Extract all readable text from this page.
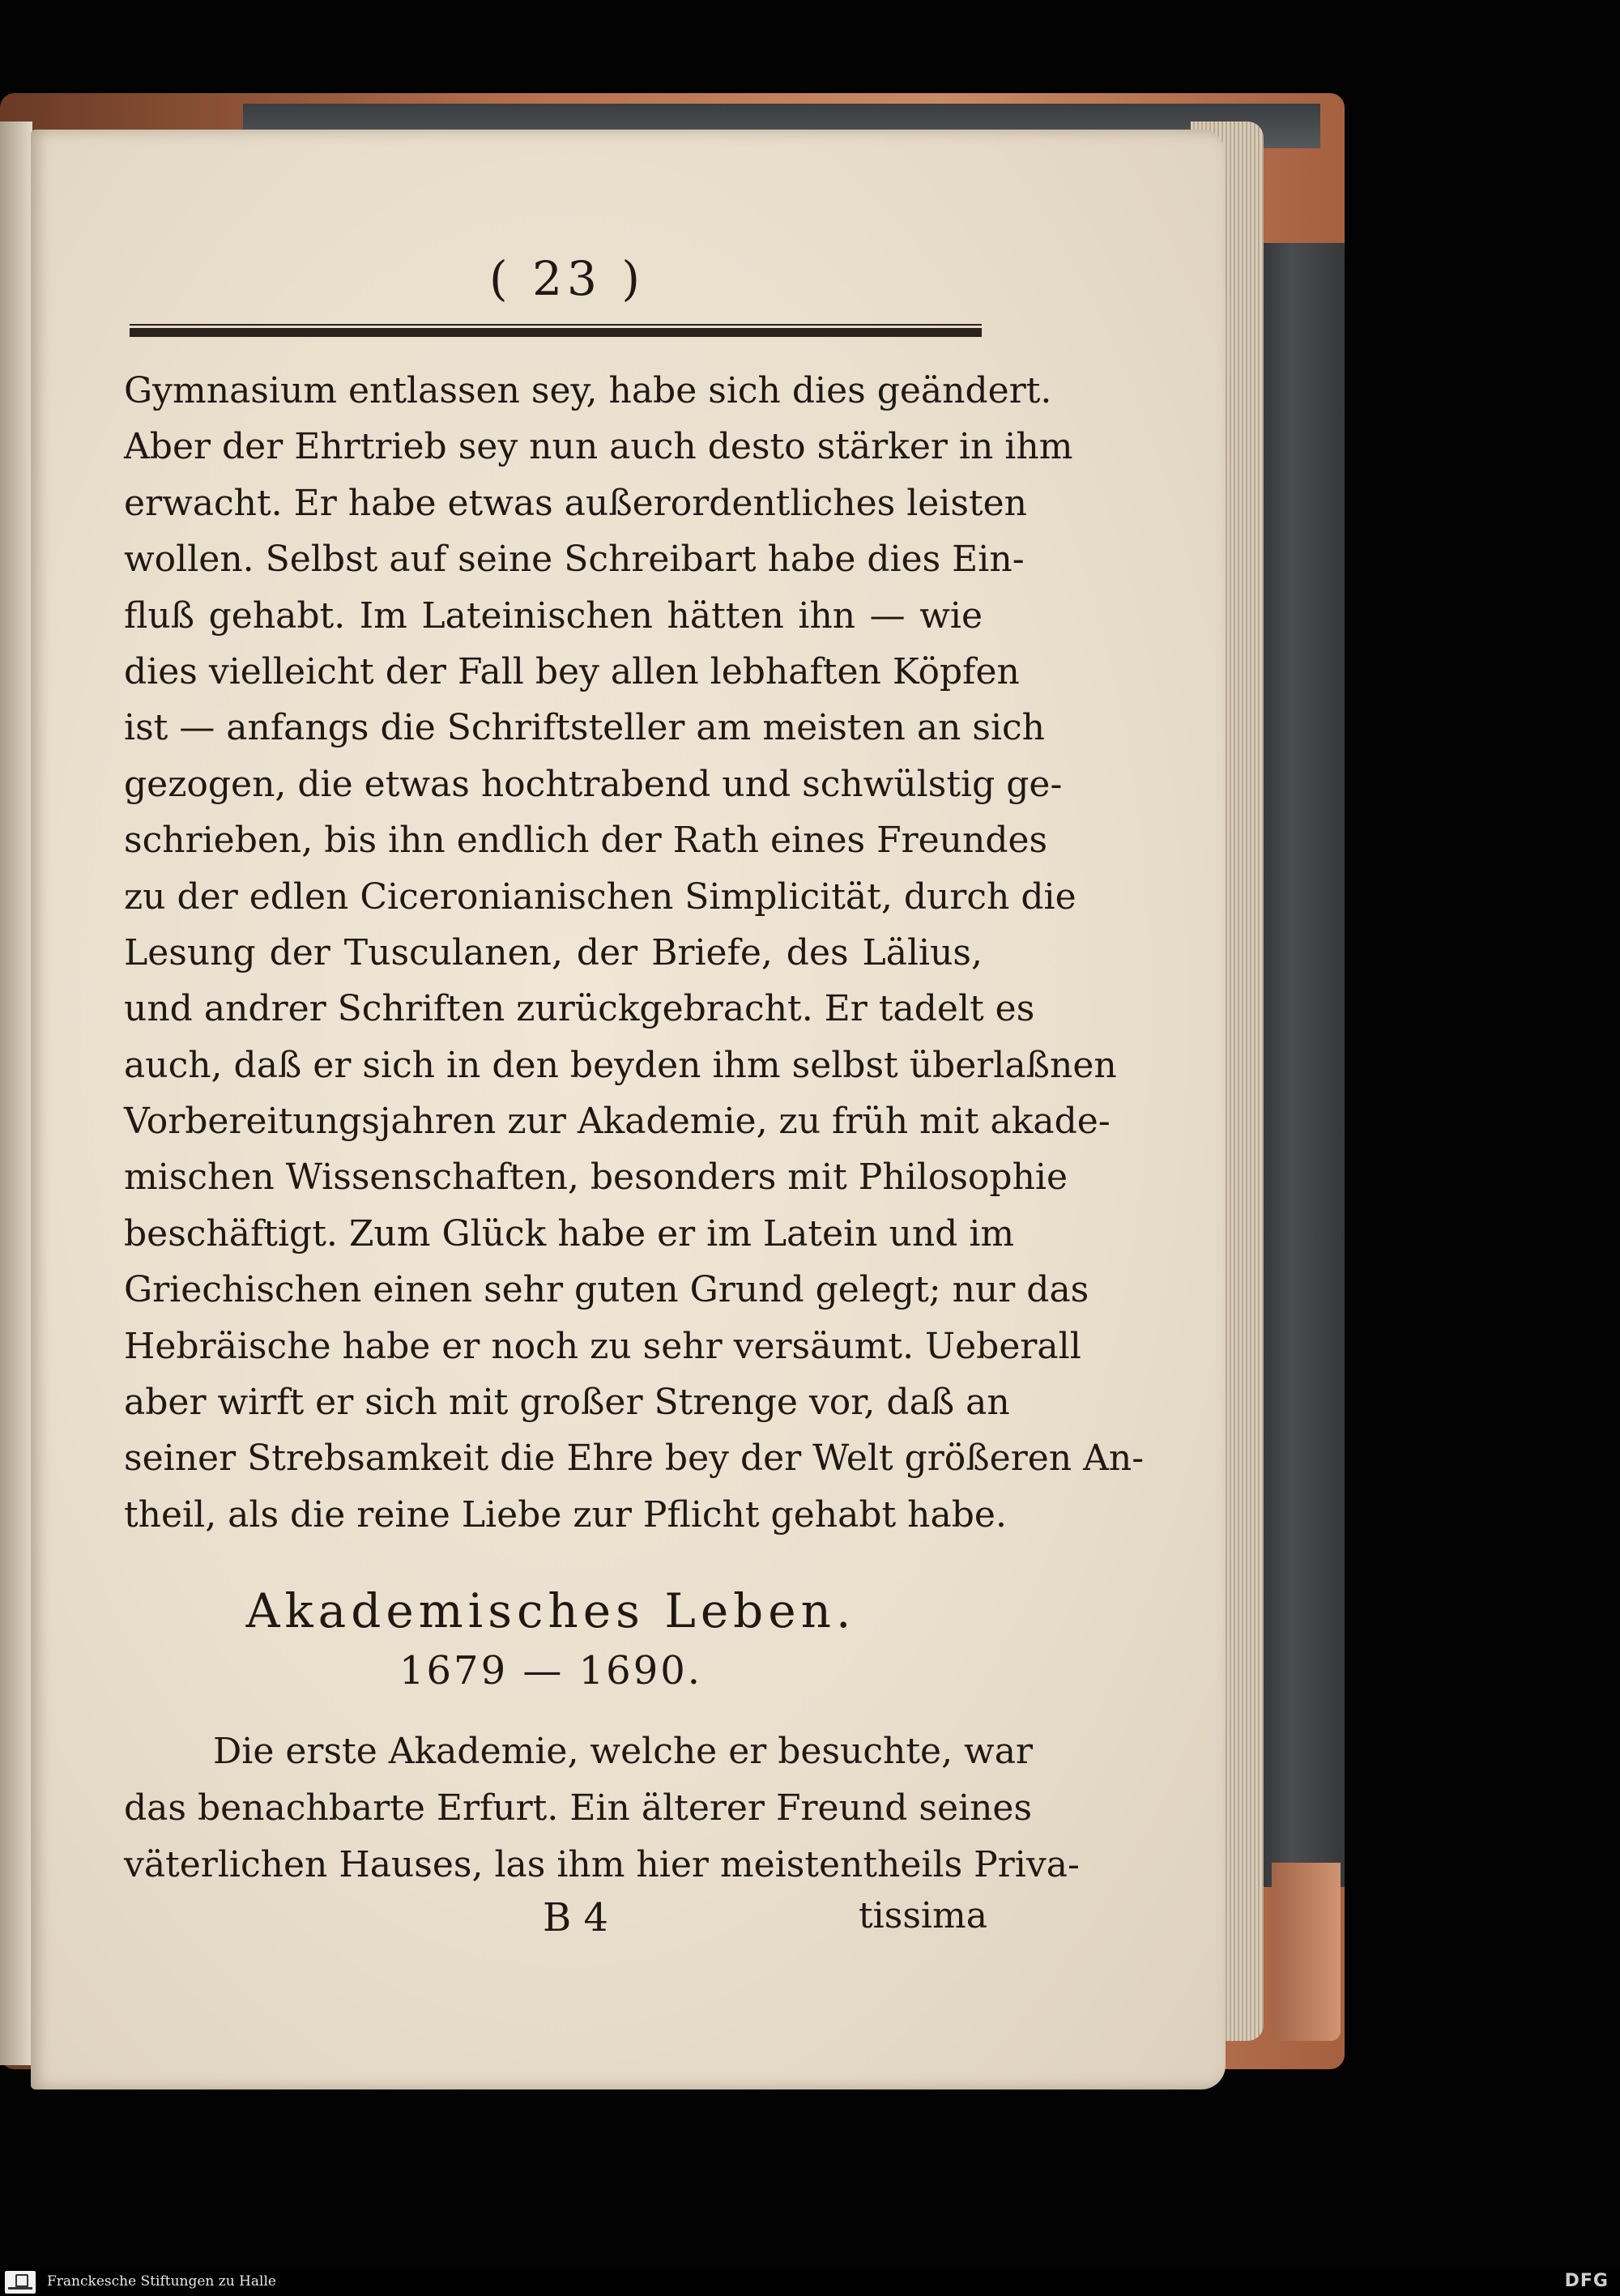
( 23 )
Gymnasium entlassen sey, habe sich dies geändert.
Aber der Ehrtrieb sey nun auch desto stärker in ihm
erwacht. Er habe etwas außerordentliches leisten
wollen. Selbst auf seine Schreibart habe dies Ein-
fluß gehabt. Im Lateinischen hätten ihn — wie
dies vielleicht der Fall bey allen lebhaften Köpfen
ist — anfangs die Schriftsteller am meisten an sich
gezogen, die etwas hochtrabend und schwülstig ge-
schrieben, bis ihn endlich der Rath eines Freundes
zu der edlen Ciceronianischen Simplicität, durch die
Lesung der Tusculanen, der Briefe, des Lälius,
und andrer Schriften zurückgebracht. Er tadelt es
auch, daß er sich in den beyden ihm selbst überlaßnen
Vorbereitungsjahren zur Akademie, zu früh mit akade-
mischen Wissenschaften, besonders mit Philosophie
beschäftigt. Zum Glück habe er im Latein und im
Griechischen einen sehr guten Grund gelegt; nur das
Hebräische habe er noch zu sehr versäumt. Ueberall
aber wirft er sich mit großer Strenge vor, daß an
seiner Strebsamkeit die Ehre bey der Welt größeren An-
theil, als die reine Liebe zur Pflicht gehabt habe.
Akademisches Leben.
1679 — 1690.
Die erste Akademie, welche er besuchte, war
das benachbarte Erfurt. Ein älterer Freund seines
väterlichen Hauses, las ihm hier meistentheils Priva-
B 4	tissima
Franckesche Stiftungen zu Halle	DFG
